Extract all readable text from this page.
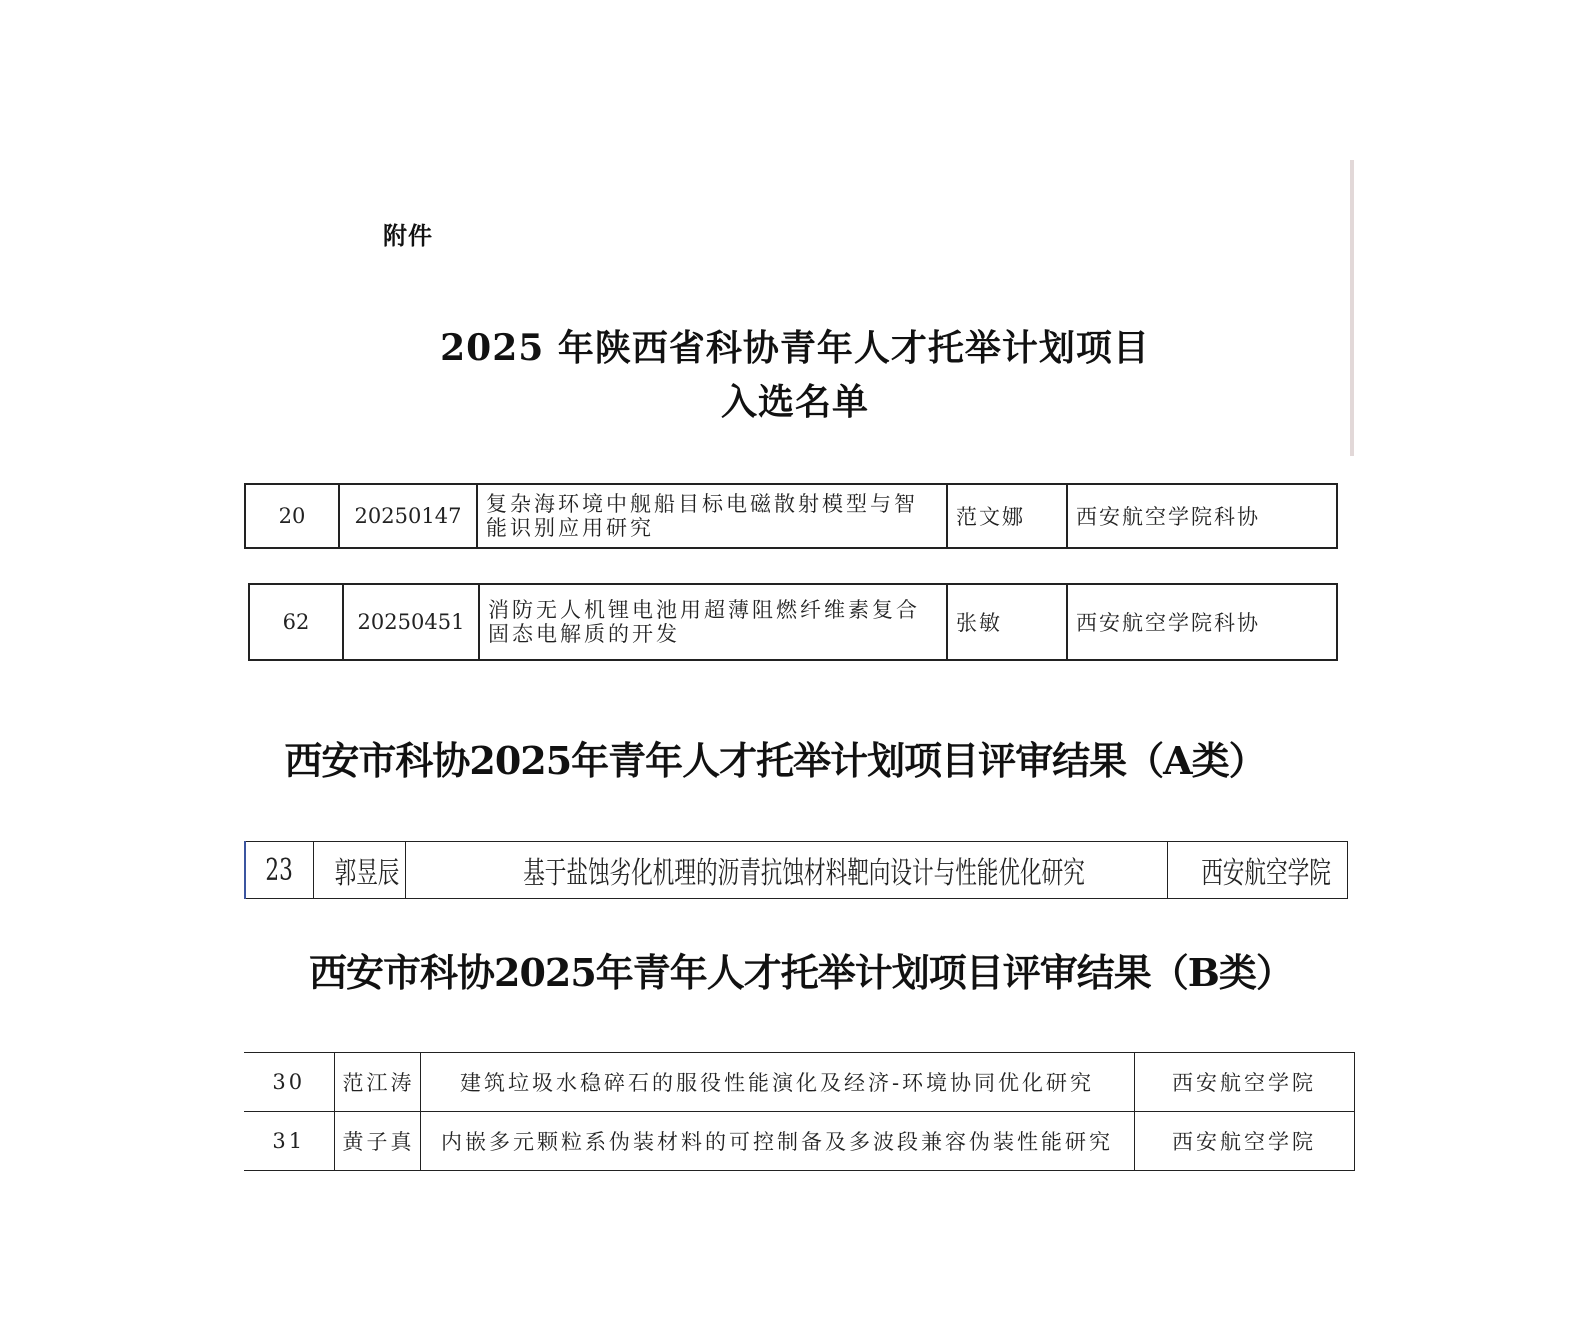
附件
2025 年陕西省科协青年人才托举计划项目
入选名单
20	20250147	复杂海环境中舰船目标电磁散射模型与智能识别应用研究	范文娜	西安航空学院科协
62	20250451	消防无人机锂电池用超薄阻燃纤维素复合固态电解质的开发	张敏	西安航空学院科协
西安市科协2025年青年人才托举计划项目评审结果（A类）
23	郭昱辰	基于盐蚀劣化机理的沥青抗蚀材料靶向设计与性能优化研究	西安航空学院
西安市科协2025年青年人才托举计划项目评审结果（B类）
30	范江涛	建筑垃圾水稳碎石的服役性能演化及经济-环境协同优化研究	西安航空学院
31	黄子真	内嵌多元颗粒系伪装材料的可控制备及多波段兼容伪装性能研究	西安航空学院
